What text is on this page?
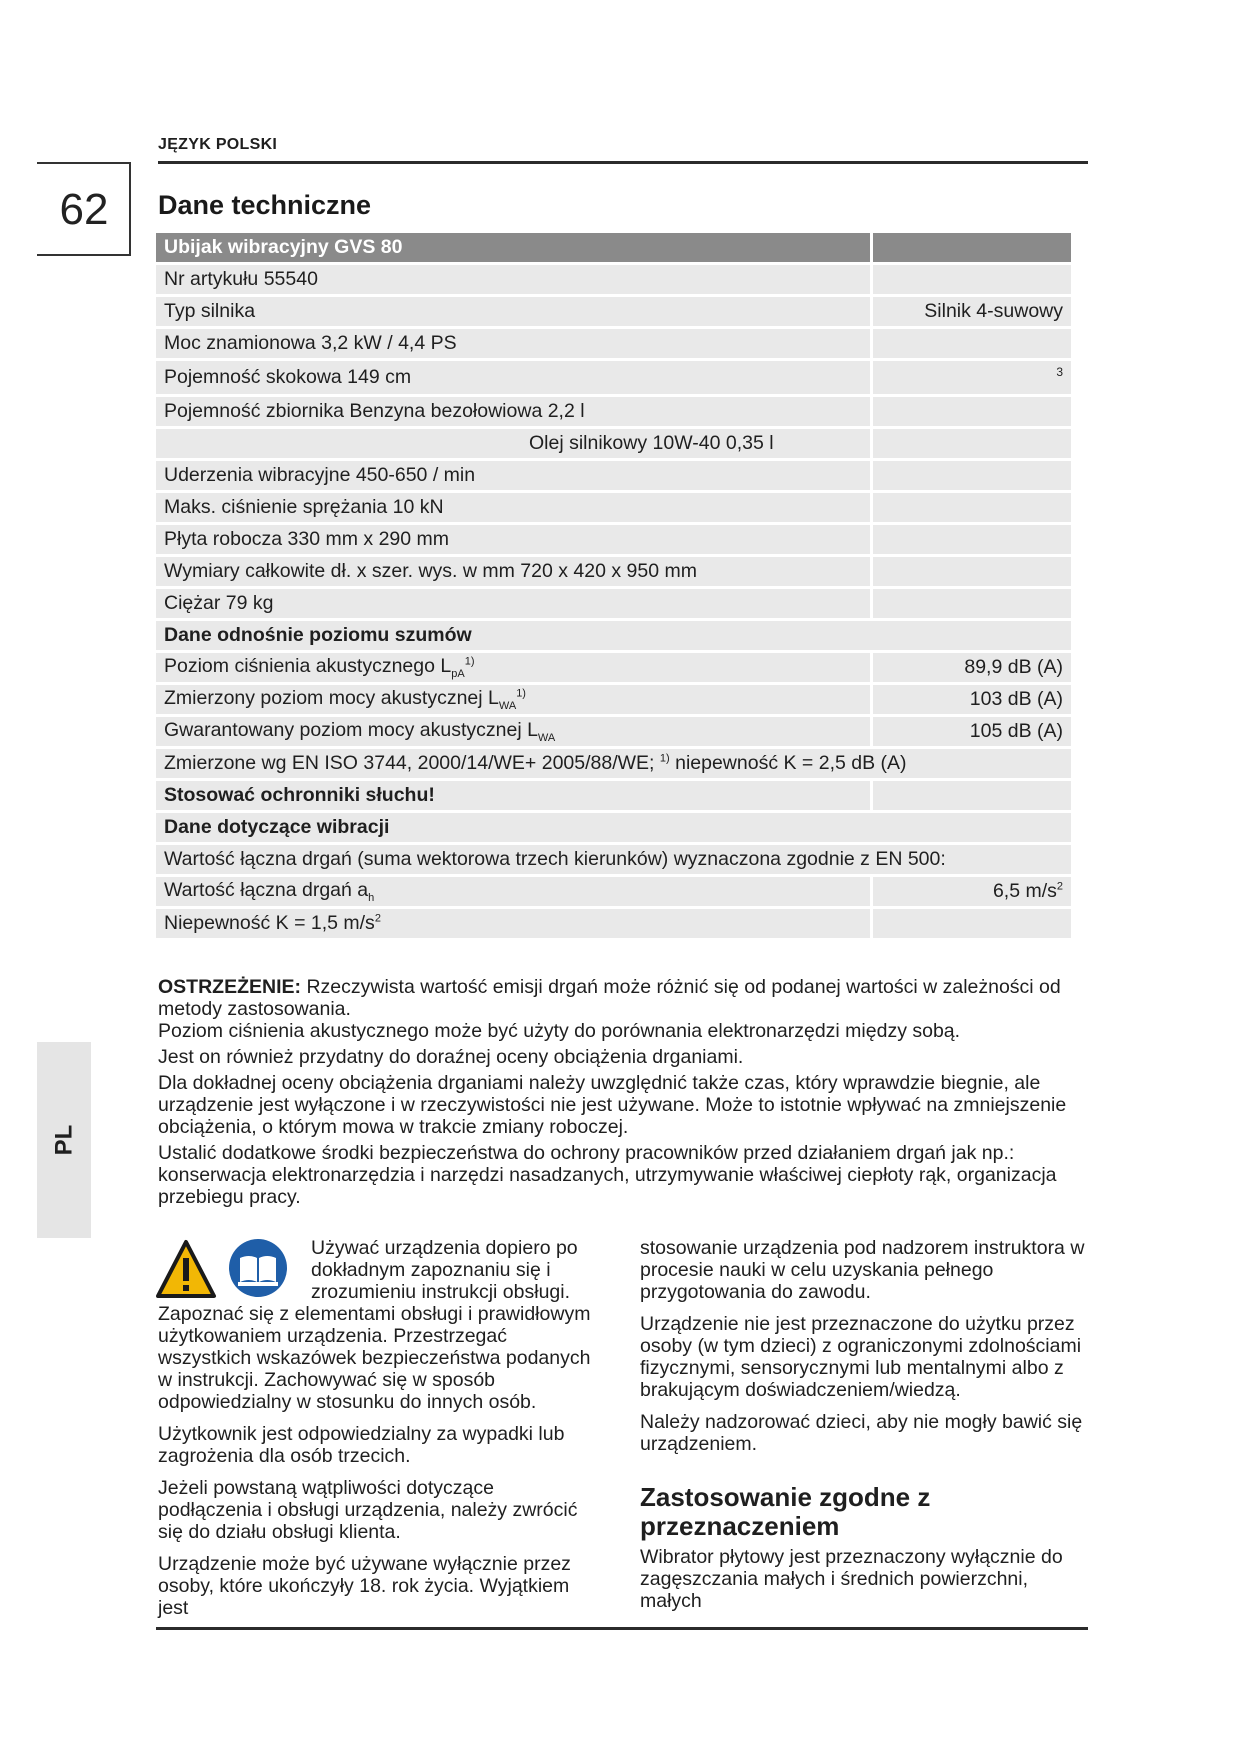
JĘZYK POLSKI
62	Dane techniczne
Ubijak wibracyjny GVS 80	
Nr artykułu 55540	
Typ silnika	Silnik 4-suwowy
Moc znamionowa 3,2 kW / 4,4 PS	
Pojemność skokowa 149 cm	3
Pojemność zbiornika Benzyna bezołowiowa 2,2 l	
Olej silnikowy 10W-40 0,35 l	
Uderzenia wibracyjne 450-650 / min	
Maks. ciśnienie sprężania 10 kN	
Płyta robocza 330 mm x 290 mm	
Wymiary całkowite dł. x szer. wys. w mm 720 x 420 x 950 mm	
Ciężar 79 kg	
Dane odnośnie poziomu szumów	
Poziom ciśnienia akustycznego $L_{pA}^{1)}$	89,9 dB (A)
Zmierzony poziom mocy akustycznej $L_{WA}^{1)}$	103 dB (A)
Gwarantowany poziom mocy akustycznej $L_{WA}$	105 dB (A)
Zmierzone wg EN ISO 3744, 2000/14/WE+ 2005/88/WE; $^{1)}$ niepewność K = 2,5 dB (A)	
Stosować ochronniki słuchu!	
Dane dotyczące wibracji	
Wartość łączna drgań (suma wektorowa trzech kierunków) wyznaczona zgodnie z EN 500:	
Wartość łączna drgań $a_h$	6,5 $m/s^2$
Niepewność K = 1,5 $m/s^2$	

OSTRZEŻENIE: Rzeczywista wartość emisji drgań może różnić się od podanej wartości w zależności od metody zastosowania.

Poziom ciśnienia akustycznego może być użyty do porównania elektronarzędzi między sobą.

Jest on również przydatny do doraźnej oceny obciążenia drganiami.

Dla dokładnej oceny obciążenia drganiami należy uwzględnić także czas, który wprawdzie biegnie, ale urządzenie jest wyłączone i w rzeczywistości nie jest używane. Może to istotnie wpływać na zmniejszenie obciążenia, o którym mowa w trakcie zmiany roboczej.

Ustalić dodatkowe środki bezpieczeństwa do ochrony pracowników przed działaniem drgań jak np.: konserwacja elektronarzędzia i narzędzi nasadzanych, utrzymywanie właściwej ciepłoty rąk, organizacja przebiegu pracy.

PL

Używać urządzenia dopiero po dokładnym zapoznaniu się i zrozumieniu instrukcji obsługi.

Zapoznać się z elementami obsługi i prawidłowym użytkowaniem urządzenia. Przestrzegać wszystkich wskazówek bezpieczeństwa podanych w instrukcji. Zachowywać się w sposób odpowiedzialny w stosunku do innych osób.

Użytkownik jest odpowiedzialny za wypadki lub zagrożenia dla osób trzecich.

Jeżeli powstaną wątpliwości dotyczące podłączenia i obsługi urządzenia, należy zwrócić się do działu obsługi klienta.

Urządzenie może być używane wyłącznie przez osoby, które ukończyły 18. rok życia. Wyjątkiem jest

stosowanie urządzenia pod nadzorem instruktora w procesie nauki w celu uzyskania pełnego przygotowania do zawodu.

Urządzenie nie jest przeznaczone do użytku przez osoby (w tym dzieci) z ograniczonymi zdolnościami fizycznymi, sensorycznymi lub mentalnymi albo z brakującym doświadczeniem/wiedzą.

Należy nadzorować dzieci, aby nie mogły bawić się urządzeniem.

Zastosowanie zgodne z przeznaczeniem

Wibrator płytowy jest przeznaczony wyłącznie do zagęszczania małych i średnich powierzchni, małych
